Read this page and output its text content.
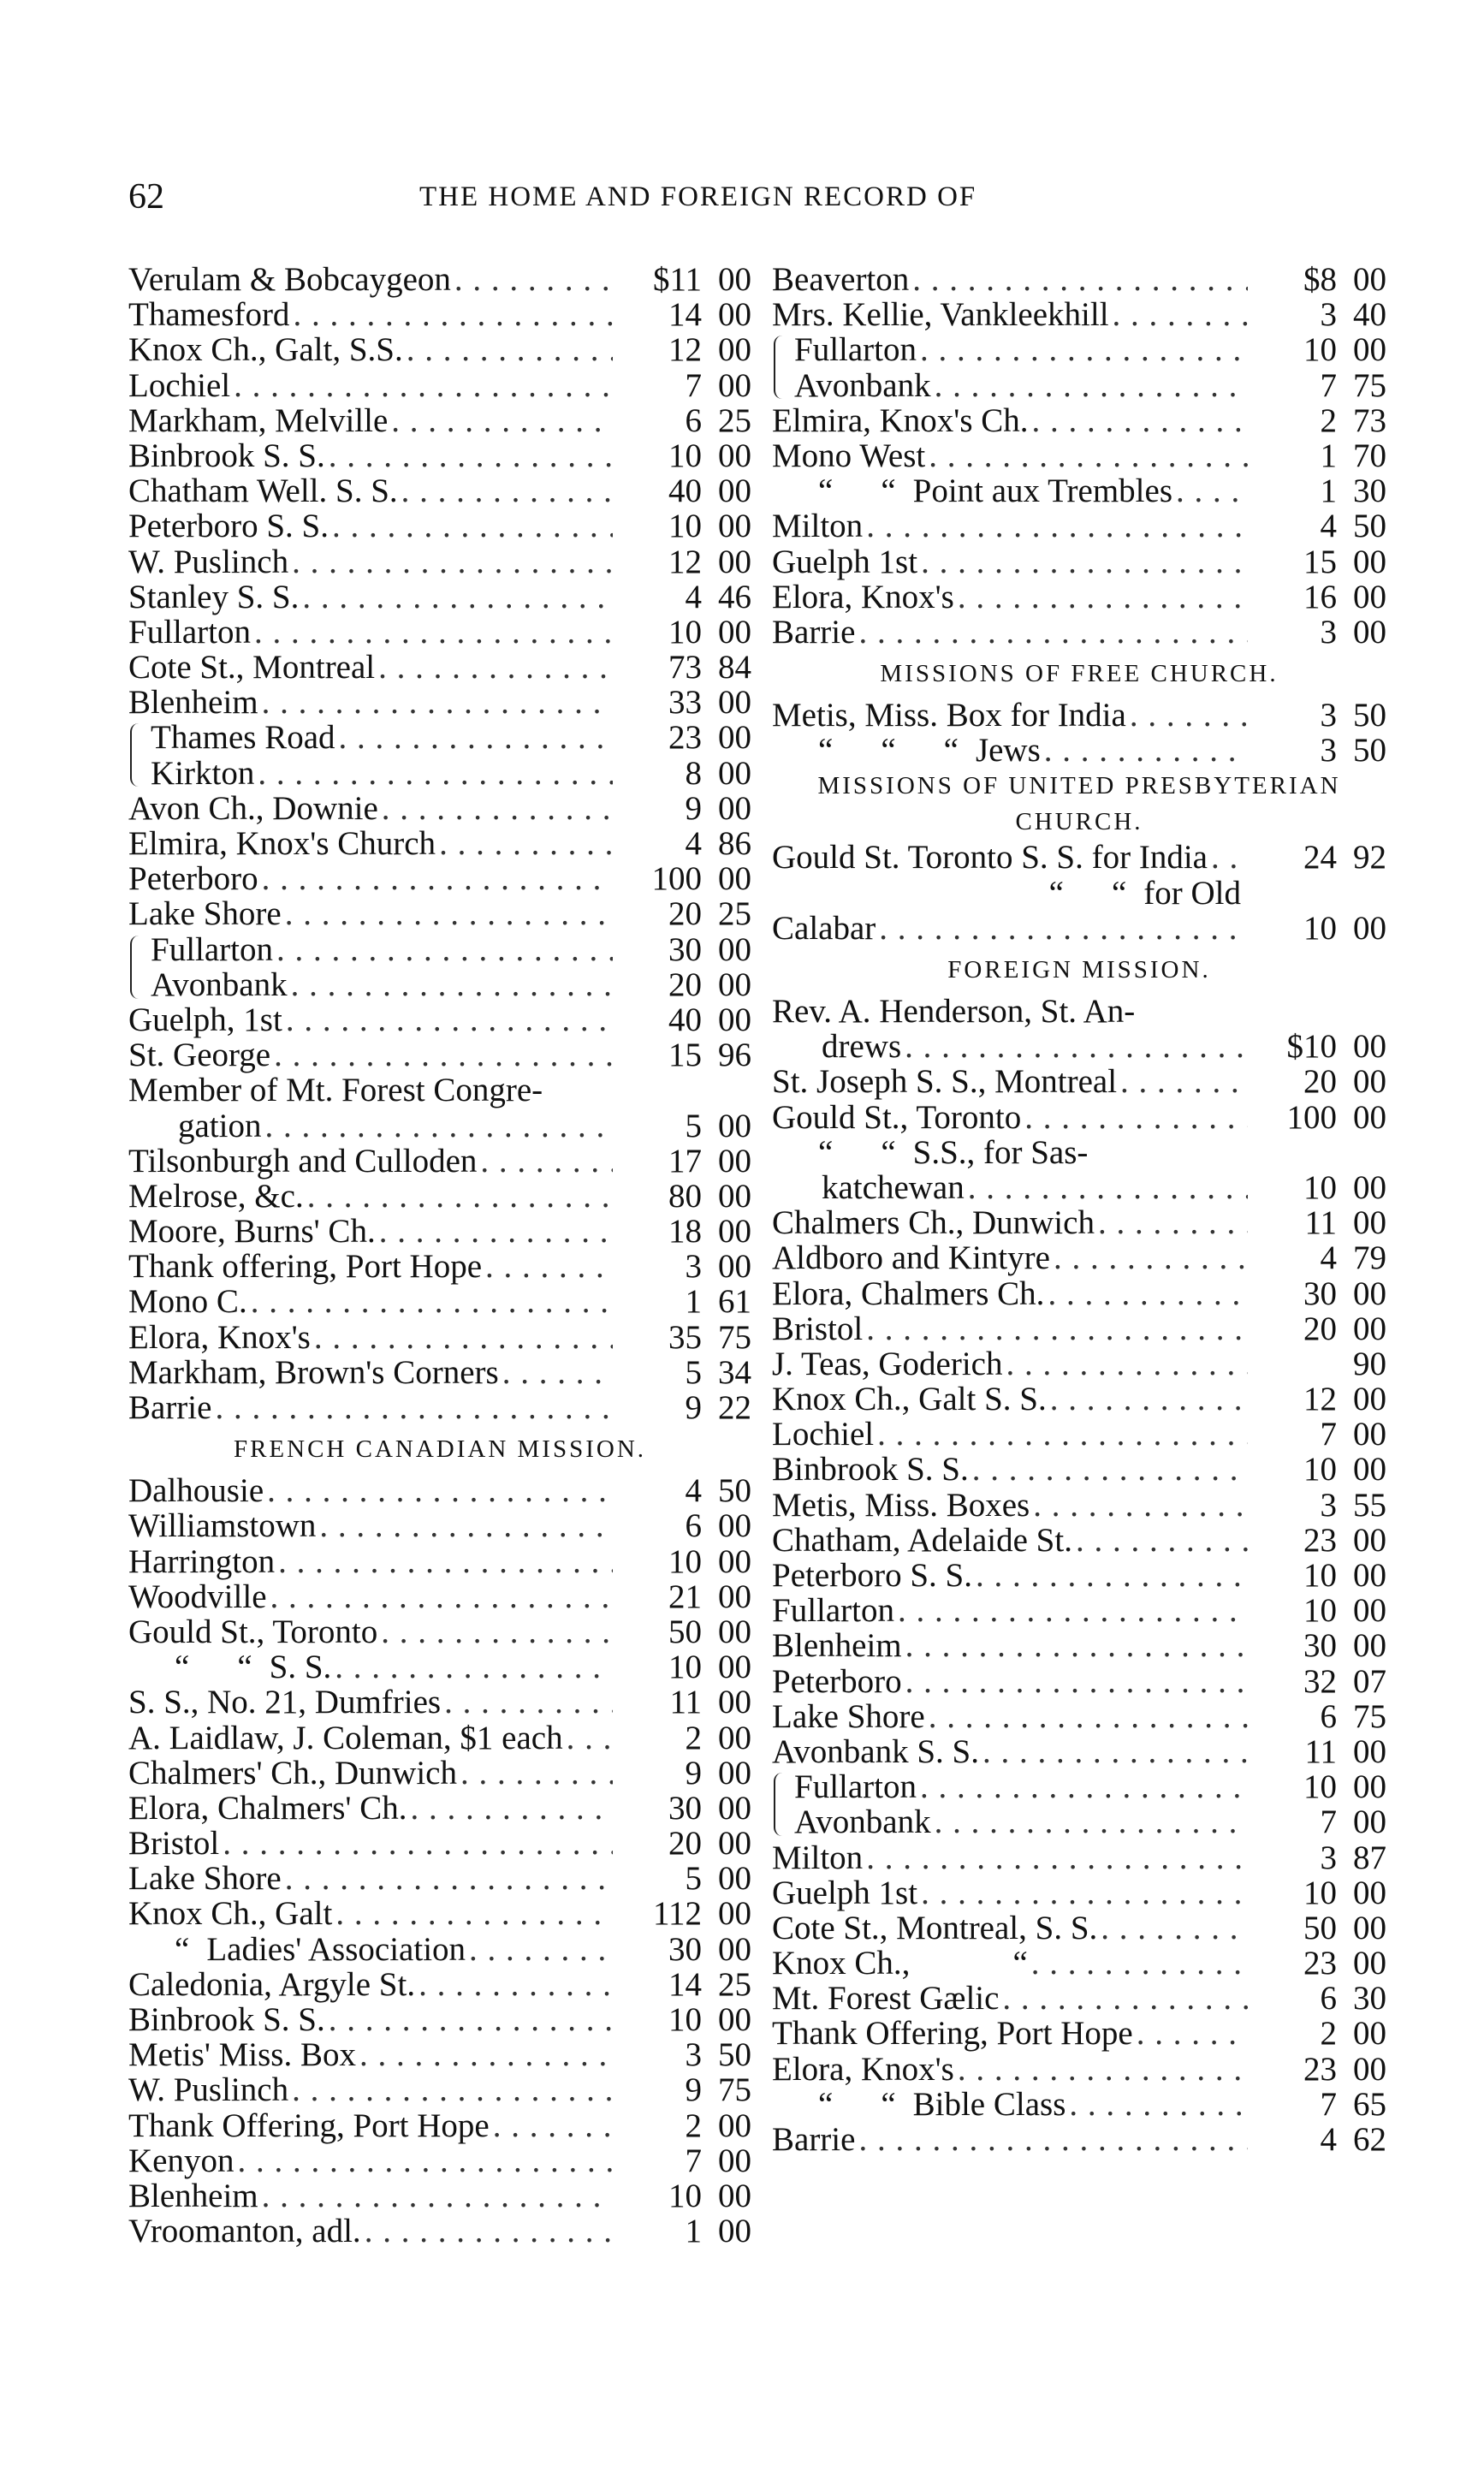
62	THE HOME AND FOREIGN RECORD OF
Verulam & Bobcaygeon . . .	$11 00
Thamesford . . .	14 00
Knox Ch., Galt, S.S. . . .	12 00
Lochiel . . .	7 00
Markham, Melville . . .	6 25
Binbrook S. S. . . .	10 00
Chatham Well. S. S. . . .	40 00
Peterboro S. S. . . .	10 00
W. Puslinch . . .	12 00
Stanley S. S. . . .	4 46
Fullarton . . .	10 00
Cote St., Montreal . . .	73 84
Blenheim . . .	33 00
Thames Road . . .	23 00
Kirkton . . .	8 00
Avon Ch., Downie . . .	9 00
Elmira, Knox's Church . . .	4 86
Peterboro . . .	100 00
Lake Shore . . .	20 25
Fullarton . . .	30 00
Avonbank . . .	20 00
Guelph, 1st . . .	40 00
St. George . . .	15 96
Member of Mt. Forest Congre-
gation . . .	5 00
Tilsonburgh and Culloden . . .	17 00
Melrose, &c. . . .	80 00
Moore, Burns' Ch. . . .	18 00
Thank offering, Port Hope . . .	3 00
Mono C. . . .	1 61
Elora, Knox's . . .	35 75
Markham, Brown's Corners . . .	5 34
Barrie . . .	9 22
FRENCH CANADIAN MISSION.
Dalhousie . . .	4 50
Williamstown . . .	6 00
Harrington . . .	10 00
Woodville . . .	21 00
Gould St., Toronto . . .	50 00
“ “ S. S. . . .	10 00
S. S., No. 21, Dumfries . . .	11 00
A. Laidlaw, J. Coleman, $1 each . . .	2 00
Chalmers' Ch., Dunwich . . .	9 00
Elora, Chalmers' Ch. . . .	30 00
Bristol . . .	20 00
Lake Shore . . .	5 00
Knox Ch., Galt . . .	112 00
“ Ladies' Association . . .	30 00
Caledonia, Argyle St. . . .	14 25
Binbrook S. S. . . .	10 00
Metis' Miss. Box . . .	3 50
W. Puslinch . . .	9 75
Thank Offering, Port Hope . . .	2 00
Kenyon . . .	7 00
Blenheim . . .	10 00
Vroomanton, adl. . . .	1 00
Beaverton . . .	$8 00
Mrs. Kellie, Vankleekhill . . .	3 40
Fullarton . . .	10 00
Avonbank . . .	7 75
Elmira, Knox's Ch. . . .	2 73
Mono West . . .	1 70
“ “ Point aux Trembles . . .	1 30
Milton . . .	4 50
Guelph 1st . . .	15 00
Elora, Knox's . . .	16 00
Barrie . . .	3 00
MISSIONS OF FREE CHURCH.
Metis, Miss. Box for India . . .	3 50
“ “ “ Jews . . .	3 50
MISSIONS OF UNITED PRESBYTERIAN
CHURCH.
Gould St. Toronto S. S. for India . . .	24 92
“ “ for Old
Calabar . . .	10 00
FOREIGN MISSION.
Rev. A. Henderson, St. An-
drews . . .	$10 00
St. Joseph S. S., Montreal . . .	20 00
Gould St., Toronto . . .	100 00
“ “ S.S., for Sas-
katchewan . . .	10 00
Chalmers Ch., Dunwich . . .	11 00
Aldboro and Kintyre . . .	4 79
Elora, Chalmers Ch. . . .	30 00
Bristol . . .	20 00
J. Teas, Goderich . . .	90
Knox Ch., Galt S. S. . . .	12 00
Lochiel . . .	7 00
Binbrook S. S. . . .	10 00
Metis, Miss. Boxes . . .	3 55
Chatham, Adelaide St. . . .	23 00
Peterboro S. S. . . .	10 00
Fullarton . . .	10 00
Blenheim . . .	30 00
Peterboro . . .	32 07
Lake Shore . . .	6 75
Avonbank S. S. . . .	11 00
Fullarton . . .	10 00
Avonbank . . .	7 00
Milton . . .	3 87
Guelph 1st . . .	10 00
Cote St., Montreal, S. S. . . .	50 00
Knox Ch.,	“ . . .	23 00
Mt. Forest Gælic . . .	6 30
Thank Offering, Port Hope . . .	2 00
Elora, Knox's . . .	23 00
“ “ Bible Class . . .	7 65
Barrie . . .	4 62
